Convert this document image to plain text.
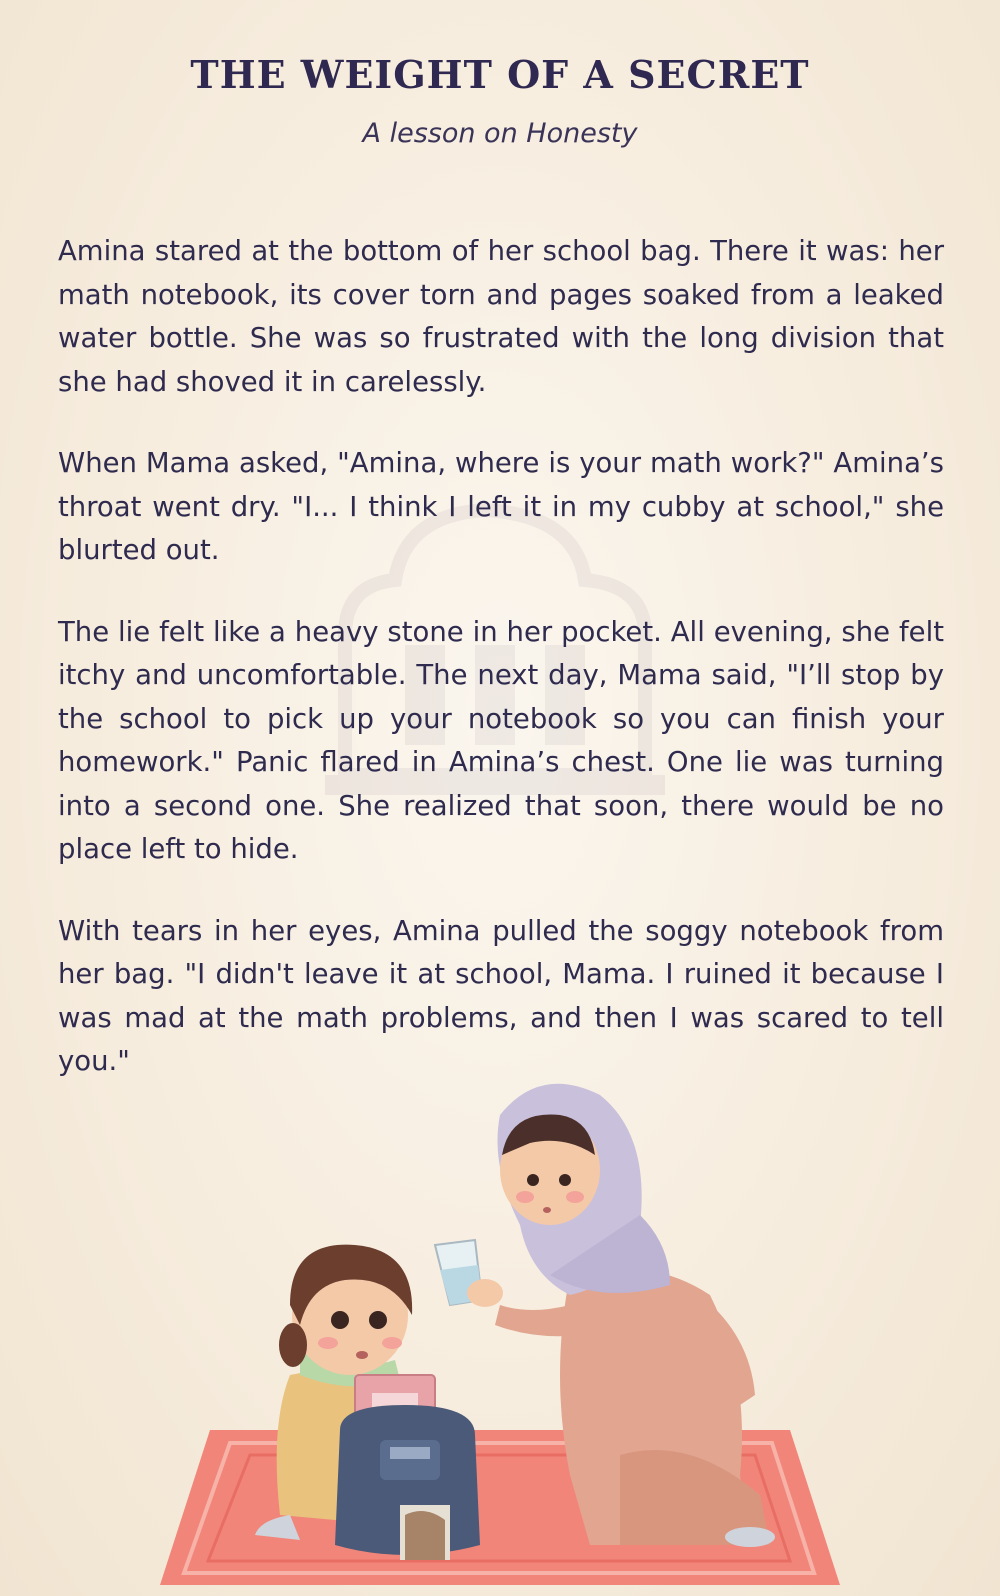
THE WEIGHT OF A SECRET
A lesson on Honesty

Amina stared at the bottom of her school bag. There it was: her math notebook, its cover torn and pages soaked from a leaked water bottle. She was so frustrated with the long division that she had shoved it in carelessly.

When Mama asked, "Amina, where is your math work?" Amina’s throat went dry. "I... I think I left it in my cubby at school," she blurted out.

The lie felt like a heavy stone in her pocket. All evening, she felt itchy and uncomfortable. The next day, Mama said, "I’ll stop by the school to pick up your notebook so you can finish your homework." Panic flared in Amina’s chest. One lie was turning into a second one. She realized that soon, there would be no place left to hide.

With tears in her eyes, Amina pulled the soggy notebook from her bag. "I didn't leave it at school, Mama. I ruined it because I was mad at the math problems, and then I was scared to tell you."
